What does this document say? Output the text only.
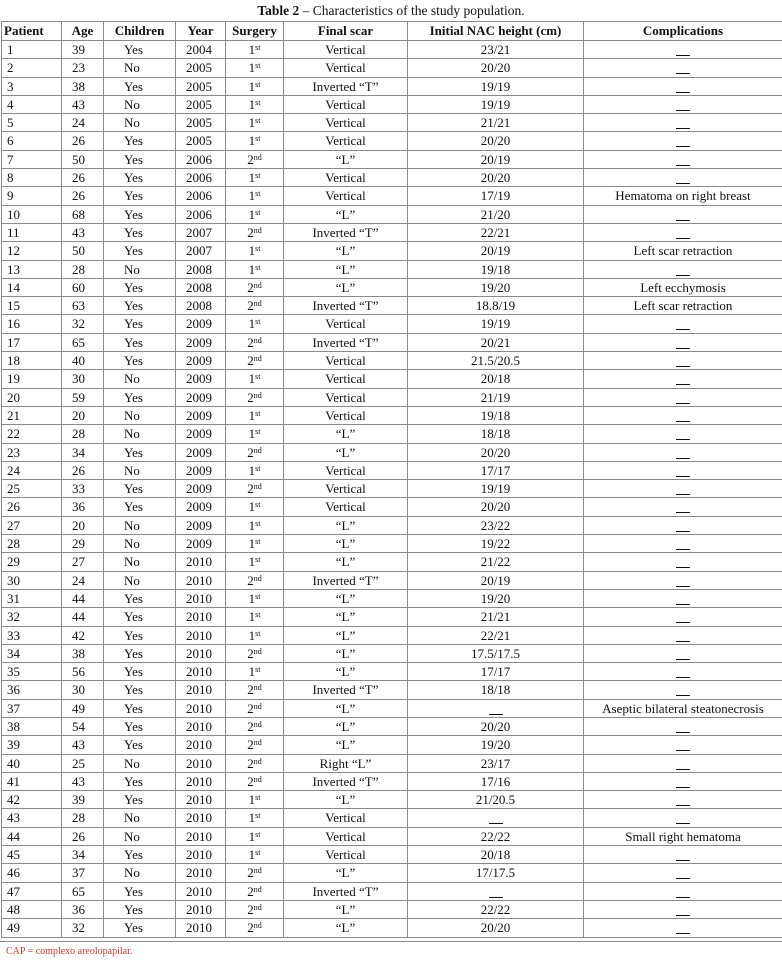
Table 2 – Characteristics of the study population.
Patient	Age	Children	Year	Surgery	Final scar	Initial NAC height (cm)	Complications
1	39	Yes	2004	1st	Vertical	23/21	
2	23	No	2005	1st	Vertical	20/20	
3	38	Yes	2005	1st	Inverted “T”	19/19	
4	43	No	2005	1st	Vertical	19/19	
5	24	No	2005	1st	Vertical	21/21	
6	26	Yes	2005	1st	Vertical	20/20	
7	50	Yes	2006	2nd	“L”	20/19	
8	26	Yes	2006	1st	Vertical	20/20	
9	26	Yes	2006	1st	Vertical	17/19	Hematoma on right breast
10	68	Yes	2006	1st	“L”	21/20	
11	43	Yes	2007	2nd	Inverted “T”	22/21	
12	50	Yes	2007	1st	“L”	20/19	Left scar retraction
13	28	No	2008	1st	“L”	19/18	
14	60	Yes	2008	2nd	“L”	19/20	Left ecchymosis
15	63	Yes	2008	2nd	Inverted “T”	18.8/19	Left scar retraction
16	32	Yes	2009	1st	Vertical	19/19	
17	65	Yes	2009	2nd	Inverted “T”	20/21	
18	40	Yes	2009	2nd	Vertical	21.5/20.5	
19	30	No	2009	1st	Vertical	20/18	
20	59	Yes	2009	2nd	Vertical	21/19	
21	20	No	2009	1st	Vertical	19/18	
22	28	No	2009	1st	“L”	18/18	
23	34	Yes	2009	2nd	“L”	20/20	
24	26	No	2009	1st	Vertical	17/17	
25	33	Yes	2009	2nd	Vertical	19/19	
26	36	Yes	2009	1st	Vertical	20/20	
27	20	No	2009	1st	“L”	23/22	
28	29	No	2009	1st	“L”	19/22	
29	27	No	2010	1st	“L”	21/22	
30	24	No	2010	2nd	Inverted “T”	20/19	
31	44	Yes	2010	1st	“L”	19/20	
32	44	Yes	2010	1st	“L”	21/21	
33	42	Yes	2010	1st	“L”	22/21	
34	38	Yes	2010	2nd	“L”	17.5/17.5	
35	56	Yes	2010	1st	“L”	17/17	
36	30	Yes	2010	2nd	Inverted “T”	18/18	
37	49	Yes	2010	2nd	“L”		Aseptic bilateral steatonecrosis
38	54	Yes	2010	2nd	“L”	20/20	
39	43	Yes	2010	2nd	“L”	19/20	
40	25	No	2010	2nd	Right “L”	23/17	
41	43	Yes	2010	2nd	Inverted “T”	17/16	
42	39	Yes	2010	1st	“L”	21/20.5	
43	28	No	2010	1st	Vertical		
44	26	No	2010	1st	Vertical	22/22	Small right hematoma
45	34	Yes	2010	1st	Vertical	20/18	
46	37	No	2010	2nd	“L”	17/17.5	
47	65	Yes	2010	2nd	Inverted “T”		
48	36	Yes	2010	2nd	“L”	22/22	
49	32	Yes	2010	2nd	“L”	20/20	
CAP = complexo areolopapilar.
